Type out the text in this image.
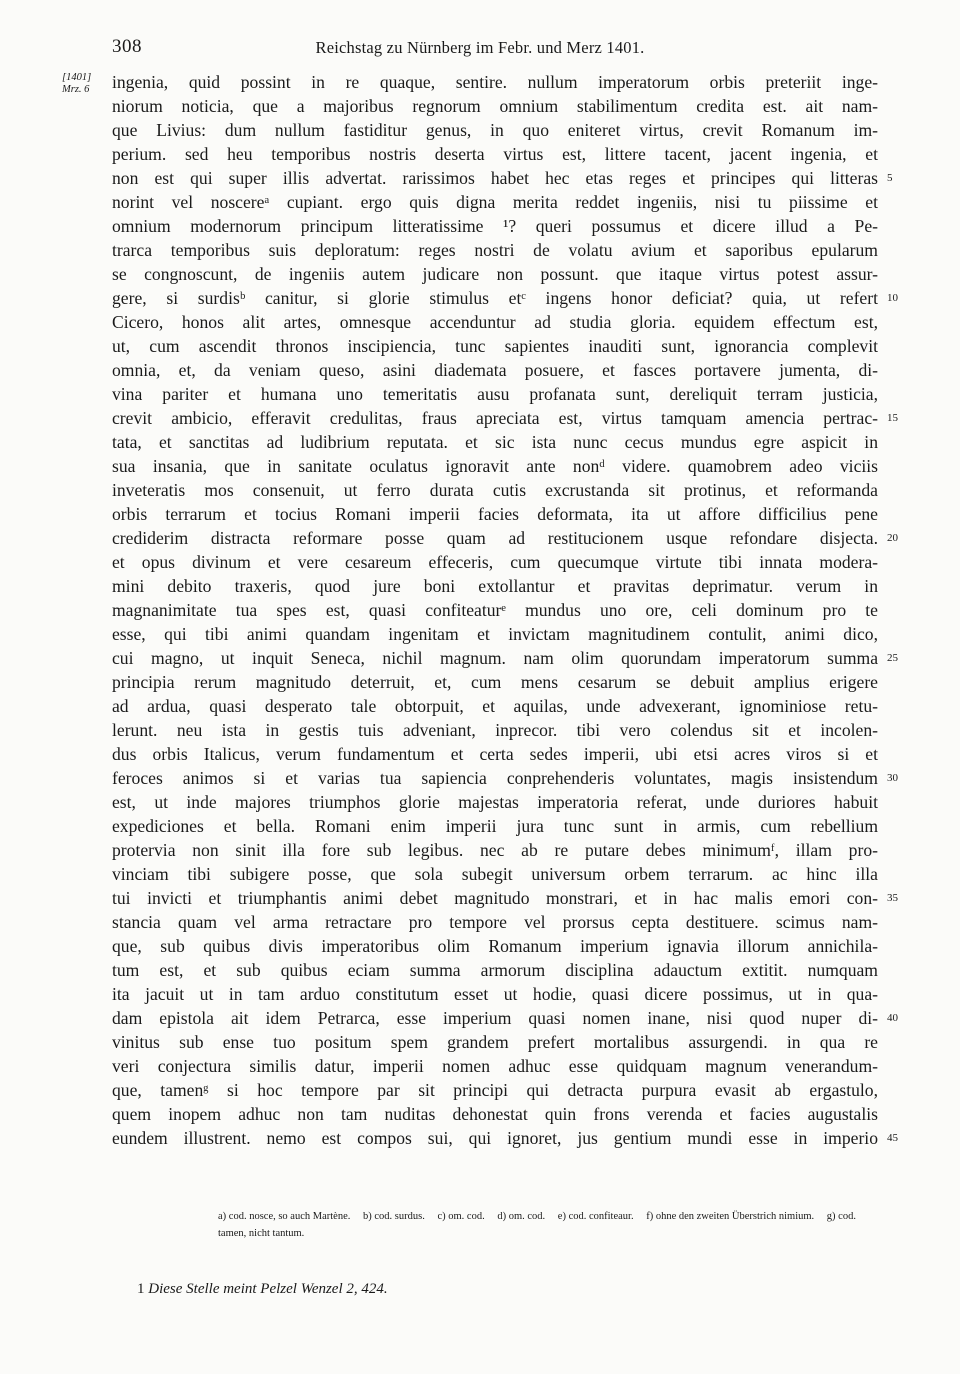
308	Reichstag zu Nürnberg im Febr. und Merz 1401.
[1401]
Mrz. 6 ingenia, quid possint in re quaque, sentire. nullum imperatorum orbis preteriit inge-
niorum noticia, que a majoribus regnorum omnium stabilimentum credita est. ait nam-
que Livius: dum nullum fastiditur genus, in quo eniteret virtus, crevit Romanum im-
perium. sed heu temporibus nostris deserta virtus est, littere tacent, jacent ingenia, et
non est qui super illis advertat. rarissimos habet hec etas reges et principes qui litteras
norint vel noscereᵃ cupiant. ergo quis digna merita reddet ingeniis, nisi tu piissime et
omnium modernorum principum litteratissime ¹? queri possumus et dicere illud a Pe-
trarca temporibus suis deploratum: reges nostri de volatu avium et saporibus epularum
se congnoscunt, de ingeniis autem judicare non possunt. que itaque virtus potest assur-
gere, si surdisᵇ canitur, si glorie stimulus etᶜ ingens honor deficiat? quia, ut refert
Cicero, honos alit artes, omnesque accenduntur ad studia gloria. equidem effectum est,
ut, cum ascendit thronos inscipiencia, tunc sapientes inauditi sunt, ignorancia complevit
omnia, et, da veniam queso, asini diademata posuere, et fasces portavere jumenta, di-
vina pariter et humana uno temeritatis ausu profanata sunt, dereliquit terram justicia,
crevit ambicio, efferavit credulitas, fraus apreciata est, virtus tamquam amencia pertrac-
tata, et sanctitas ad ludibrium reputata. et sic ista nunc cecus mundus egre aspicit in
sua insania, que in sanitate oculatus ignoravit ante nonᵈ videre. quamobrem adeo viciis
inveteratis mos consenuit, ut ferro durata cutis excrustanda sit protinus, et reformanda
orbis terrarum et tocius Romani imperii facies deformata, ita ut affore difficilius pene
crediderim distracta reformare posse quam ad restitucionem usque refondare disjecta.
et opus divinum et vere cesareum effeceris, cum quecumque virtute tibi innata modera-
mini debito traxeris, quod jure boni extollantur et pravitas deprimatur. verum in
magnanimitate tua spes est, quasi confiteaturᵉ mundus uno ore, celi dominum pro te
esse, qui tibi animi quandam ingenitam et invictam magnitudinem contulit, animi dico,
cui magno, ut inquit Seneca, nichil magnum. nam olim quorundam imperatorum summa
principia rerum magnitudo deterruit, et, cum mens cesarum se debuit amplius erigere
ad ardua, quasi desperato tale obtorpuit, et aquilas, unde advexerant, ignominiose retu-
lerunt. neu ista in gestis tuis adveniant, inprecor. tibi vero colendus sit et incolen-
dus orbis Italicus, verum fundamentum et certa sedes imperii, ubi etsi acres viros si et
feroces animos si et varias tua sapiencia conprehenderis voluntates, magis insistendum
est, ut inde majores triumphos glorie majestas imperatoria referat, unde duriores habuit
expediciones et bella. Romani enim imperii jura tunc sunt in armis, cum rebellium
protervia non sinit illa fore sub legibus. nec ab re putare debes minimumᶠ, illam pro-
vinciam tibi subigere posse, que sola subegit universum orbem terrarum. ac hinc illa
tui invicti et triumphantis animi debet magnitudo monstrari, et in hac malis emori con-
stancia quam vel arma retractare pro tempore vel prorsus cepta destituere. scimus nam-
que, sub quibus divis imperatoribus olim Romanum imperium ignavia illorum annichila-
tum est, et sub quibus eciam summa armorum disciplina adauctum extitit. numquam
ita jacuit ut in tam arduo constitutum esset ut hodie, quasi dicere possimus, ut in qua-
dam epistola ait idem Petrarca, esse imperium quasi nomen inane, nisi quod nuper di-
vinitus sub ense tuo positum spem grandem prefert mortalibus assurgendi. in qua re
veri conjectura similis datur, imperii nomen adhuc esse quidquam magnum venerandum-
que, tamenᵍ si hoc tempore par sit principi qui detracta purpura evasit ab ergastulo,
quem inopem adhuc non tam nuditas dehonestat quin frons verenda et facies augustalis
eundem illustrent. nemo est compos sui, qui ignoret, jus gentium mundi esse in imperio
5
10
15
20
25
30
35
40
45
a) cod. nosce, so auch Martène. b) cod. surdus. c) om. cod. d) om. cod. e) cod. confiteaur. f) ohne den zweiten Überstrich nimium. g) cod. tamen, nicht tantum.
1 Diese Stelle meint Pelzel Wenzel 2, 424.
